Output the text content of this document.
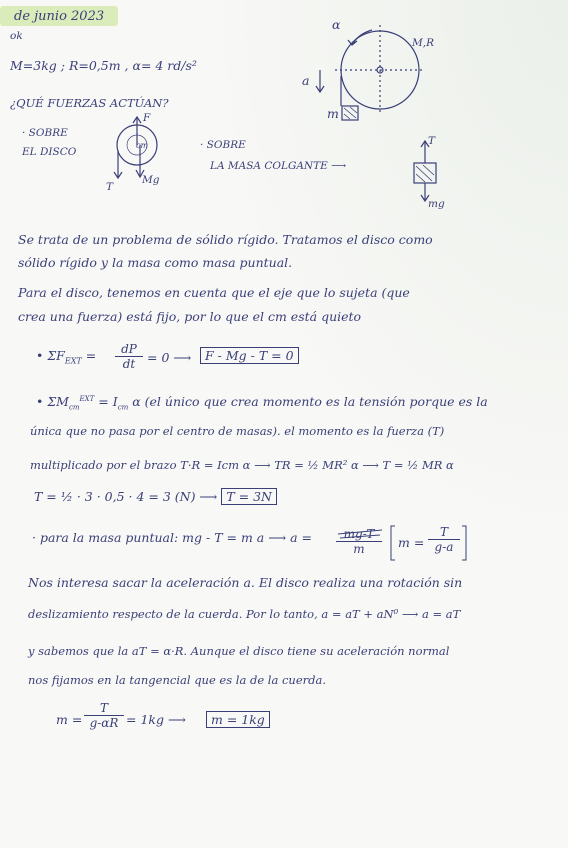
de junio 2023
ok
M=3kg ; R=0,5m , α= 4 rd/s²
¿QUÉ FUERZAS ACTÚAN?
α
a
m
M,R
F
cm
T
Mg
T
mg
· SOBRE
EL DISCO
· SOBRE
LA MASA COLGANTE ⟶
Se trata de un problema de sólido rígido. Tratamos el disco como
sólido rígido y la masa como masa puntual.
Para el disco, tenemos en cuenta que el eje que lo sujeta (que
crea una fuerza) está fijo, por lo que el cm está quieto
• $\Sigma F_{EXT} = \frac{dP}{dt} = 0$ ⟶	F - Mg - T = 0
• $\Sigma M_{cm}^{EXT} = I_{cm}$ α (el único que crea momento es la tensión porque es la
única que no pasa por el centro de masas). el momento es la fuerza (T)
multiplicado por el brazo T·R = Icm α ⟶ TR = ½ MR² α ⟶ T = ½ MR α
T = ½ · 3 · 0,5 · 4 = 3 (N) ⟶ T = 3N
· para la masa puntual: mg - T = m a ⟶ $a = \frac{mg-T}{m}$ $m = \frac{T}{g-a}$
Nos interesa sacar la aceleración a. El disco realiza una rotación sin
deslizamiento respecto de la cuerda. Por lo tanto, a = aT + aN⁰ ⟶ a = aT
y sabemos que la aT = α·R. Aunque el disco tiene su aceleración normal
nos fijamos en la tangencial que es la de la cuerda.
$m = \frac{T}{g-\alpha R} = 1kg$ ⟶	m = 1kg
